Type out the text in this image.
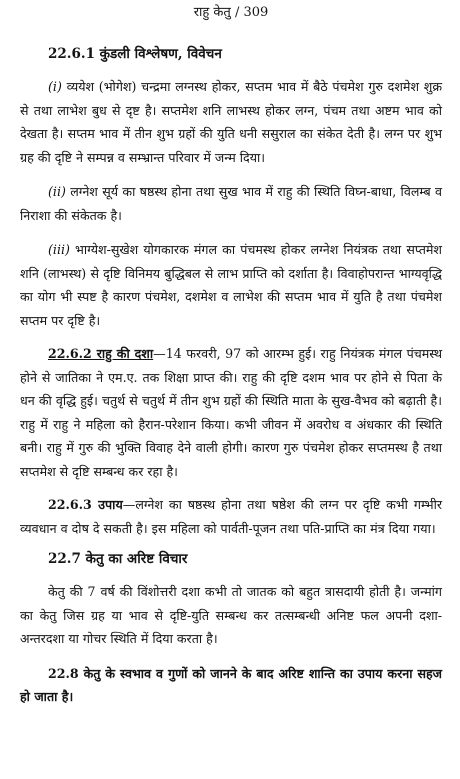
राहु केतु / 309
22.6.1 कुंडली विश्लेषण, विवेचन

(i) व्ययेश (भोगेश) चन्द्रमा लग्नस्थ होकर, सप्तम भाव में बैठे पंचमेश गुरु दशमेश शुक्र से तथा लाभेश बुध से दृष्ट है। सप्तमेश शनि लाभस्थ होकर लग्न, पंचम तथा अष्टम भाव को देखता है। सप्तम भाव में तीन शुभ ग्रहों की युति धनी ससुराल का संकेत देती है। लग्न पर शुभ ग्रह की दृष्टि ने सम्पन्न व सम्भ्रान्त परिवार में जन्म दिया।

(ii) लग्नेश सूर्य का षष्ठस्थ होना तथा सुख भाव में राहु की स्थिति विघ्न-बाधा, विलम्ब व निराशा की संकेतक है।

(iii) भाग्येश-सुखेश योगकारक मंगल का पंचमस्थ होकर लग्नेश नियंत्रक तथा सप्तमेश शनि (लाभस्थ) से दृष्टि विनिमय बुद्धिबल से लाभ प्राप्ति को दर्शाता है। विवाहोपरान्त भाग्यवृद्धि का योग भी स्पष्ट है कारण पंचमेश, दशमेश व लाभेश की सप्तम भाव में युति है तथा पंचमेश सप्तम पर दृष्टि है।

22.6.2 राहु की दशा—14 फरवरी, 97 को आरम्भ हुई। राहु नियंत्रक मंगल पंचमस्थ होने से जातिका ने एम.ए. तक शिक्षा प्राप्त की। राहु की दृष्टि दशम भाव पर होने से पिता के धन की वृद्धि हुई। चतुर्थ से चतुर्थ में तीन शुभ ग्रहों की स्थिति माता के सुख-वैभव को बढ़ाती है। राहु में राहु ने महिला को हैरान-परेशान किया। कभी जीवन में अवरोध व अंधकार की स्थिति बनी। राहु में गुरु की भुक्ति विवाह देने वाली होगी। कारण गुरु पंचमेश होकर सप्तमस्थ है तथा सप्तमेश से दृष्टि सम्बन्ध कर रहा है।

22.6.3 उपाय—लग्नेश का षष्ठस्थ होना तथा षष्ठेश की लग्न पर दृष्टि कभी गम्भीर व्यवधान व दोष दे सकती है। इस महिला को पार्वती-पूजन तथा पति-प्राप्ति का मंत्र दिया गया।

22.7 केतु का अरिष्ट विचार

केतु की 7 वर्ष की विंशोत्तरी दशा कभी तो जातक को बहुत त्रासदायी होती है। जन्मांग का केतु जिस ग्रह या भाव से दृष्टि-युति सम्बन्ध कर तत्सम्बन्धी अनिष्ट फल अपनी दशा-अन्तरदशा या गोचर स्थिति में दिया करता है।

22.8 केतु के स्वभाव व गुणों को जानने के बाद अरिष्ट शान्ति का उपाय करना सहज हो जाता है।
